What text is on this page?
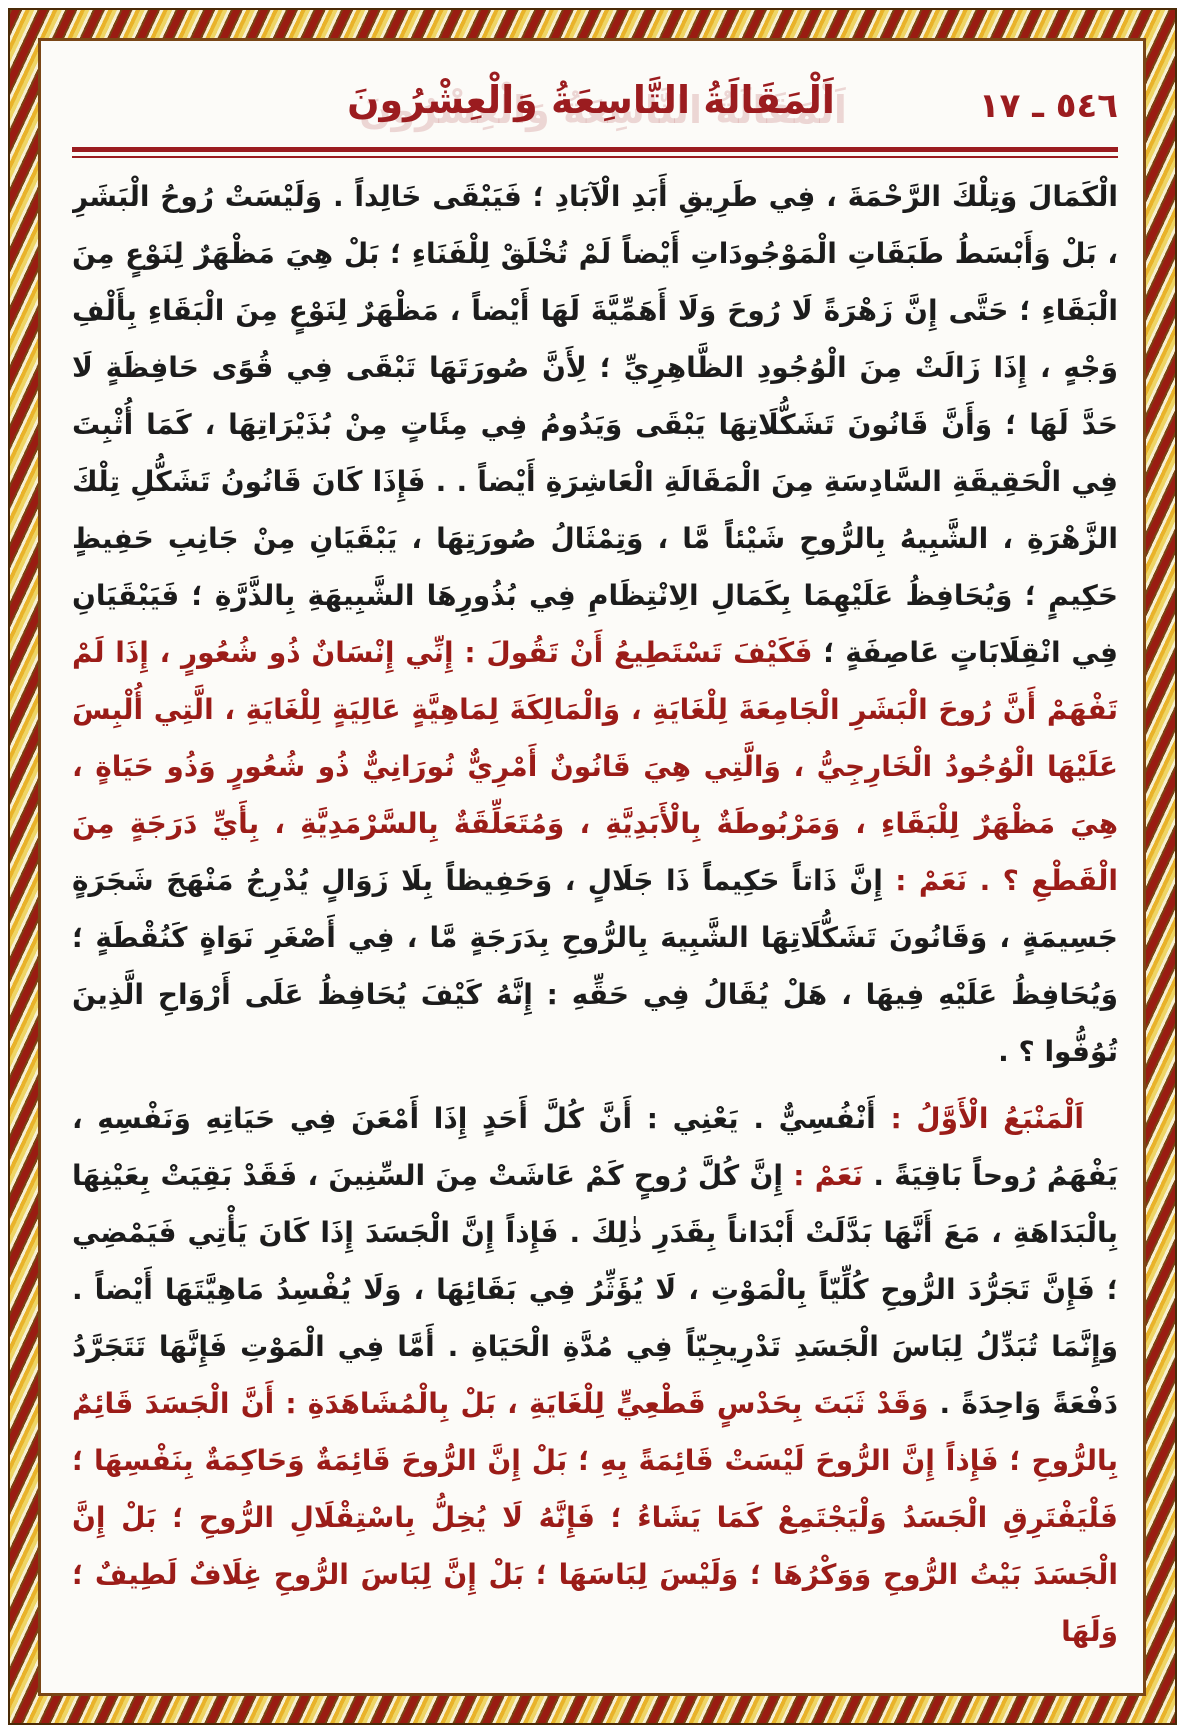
٥٤٦ ـ ١٧
اَلْمَقَالَةُ التَّاسِعَةُ وَالْعِشْرُونَ

الْكَمَالَ وَتِلْكَ الرَّحْمَةَ ، فِي طَرِيقِ أَبَدِ الْآبَادِ ؛ فَيَبْقَى خَالِداً . وَلَيْسَتْ رُوحُ الْبَشَرِ ، بَلْ وَأَبْسَطُ طَبَقَاتِ الْمَوْجُودَاتِ أَيْضاً لَمْ تُخْلَقْ لِلْفَنَاءِ ؛ بَلْ هِيَ مَظْهَرٌ لِنَوْعٍ مِنَ الْبَقَاءِ ؛ حَتَّى إِنَّ زَهْرَةً لَا رُوحَ وَلَا أَهَمِّيَّةَ لَهَا أَيْضاً ، مَظْهَرٌ لِنَوْعٍ مِنَ الْبَقَاءِ بِأَلْفِ وَجْهٍ ، إِذَا زَالَتْ مِنَ الْوُجُودِ الظَّاهِرِيِّ ؛ لِأَنَّ صُورَتَهَا تَبْقَى فِي قُوًى حَافِظَةٍ لَا حَدَّ لَهَا ؛ وَأَنَّ قَانُونَ تَشَكُّلَاتِهَا يَبْقَى وَيَدُومُ فِي مِئَاتٍ مِنْ بُذَيْرَاتِهَا ، كَمَا أُثْبِتَ فِي الْحَقِيقَةِ السَّادِسَةِ مِنَ الْمَقَالَةِ الْعَاشِرَةِ أَيْضاً . . فَإِذَا كَانَ قَانُونُ تَشَكُّلِ تِلْكَ الزَّهْرَةِ ، الشَّبِيهُ بِالرُّوحِ شَيْئاً مَّا ، وَتِمْثَالُ صُورَتِهَا ، يَبْقَيَانِ مِنْ جَانِبِ حَفِيظٍ حَكِيمٍ ؛ وَيُحَافِظُ عَلَيْهِمَا بِكَمَالِ الِانْتِظَامِ فِي بُذُورِهَا الشَّبِيهَةِ بِالذَّرَّةِ ؛ فَيَبْقَيَانِ فِي انْقِلَابَاتٍ عَاصِفَةٍ ؛ فَكَيْفَ تَسْتَطِيعُ أَنْ تَقُولَ : إِنِّي إِنْسَانٌ ذُو شُعُورٍ ، إِذَا لَمْ تَفْهَمْ أَنَّ رُوحَ الْبَشَرِ الْجَامِعَةَ لِلْغَايَةِ ، وَالْمَالِكَةَ لِمَاهِيَّةٍ عَالِيَةٍ لِلْغَايَةِ ، الَّتِي أُلْبِسَ عَلَيْهَا الْوُجُودُ الْخَارِجِيُّ ، وَالَّتِي هِيَ قَانُونٌ أَمْرِيٌّ نُورَانِيٌّ ذُو شُعُورٍ وَذُو حَيَاةٍ ، هِيَ مَظْهَرٌ لِلْبَقَاءِ ، وَمَرْبُوطَةٌ بِالْأَبَدِيَّةِ ، وَمُتَعَلِّقَةٌ بِالسَّرْمَدِيَّةِ ، بِأَيِّ دَرَجَةٍ مِنَ الْقَطْعِ ؟ . نَعَمْ : إِنَّ ذَاتاً حَكِيماً ذَا جَلَالٍ ، وَحَفِيظاً بِلَا زَوَالٍ يُدْرِجُ مَنْهَجَ شَجَرَةٍ جَسِيمَةٍ ، وَقَانُونَ تَشَكُّلَاتِهَا الشَّبِيهَ بِالرُّوحِ بِدَرَجَةٍ مَّا ، فِي أَصْغَرِ نَوَاةٍ كَنُقْطَةٍ ؛ وَيُحَافِظُ عَلَيْهِ فِيهَا ، هَلْ يُقَالُ فِي حَقِّهِ : إِنَّهُ كَيْفَ يُحَافِظُ عَلَى أَرْوَاحِ الَّذِينَ تُوُفُّوا ؟ .

اَلْمَنْبَعُ الْأَوَّلُ : أَنْفُسِيٌّ . يَعْنِي : أَنَّ كُلَّ أَحَدٍ إِذَا أَمْعَنَ فِي حَيَاتِهِ وَنَفْسِهِ ، يَفْهَمُ رُوحاً بَاقِيَةً . نَعَمْ : إِنَّ كُلَّ رُوحٍ كَمْ عَاشَتْ مِنَ السِّنِينَ ، فَقَدْ بَقِيَتْ بِعَيْنِهَا بِالْبَدَاهَةِ ، مَعَ أَنَّهَا بَدَّلَتْ أَبْدَاناً بِقَدَرِ ذٰلِكَ . فَإِذاً إِنَّ الْجَسَدَ إِذَا كَانَ يَأْتِي فَيَمْضِي ؛ فَإِنَّ تَجَرُّدَ الرُّوحِ كُلِّيّاً بِالْمَوْتِ ، لَا يُؤَثِّرُ فِي بَقَائِهَا ، وَلَا يُفْسِدُ مَاهِيَّتَهَا أَيْضاً . وَإِنَّمَا تُبَدِّلُ لِبَاسَ الْجَسَدِ تَدْرِيجِيّاً فِي مُدَّةِ الْحَيَاةِ . أَمَّا فِي الْمَوْتِ فَإِنَّهَا تَتَجَرَّدُ دَفْعَةً وَاحِدَةً . وَقَدْ ثَبَتَ بِحَدْسٍ قَطْعِيٍّ لِلْغَايَةِ ، بَلْ بِالْمُشَاهَدَةِ : أَنَّ الْجَسَدَ قَائِمٌ بِالرُّوحِ ؛ فَإِذاً إِنَّ الرُّوحَ لَيْسَتْ قَائِمَةً بِهِ ؛ بَلْ إِنَّ الرُّوحَ قَائِمَةٌ وَحَاكِمَةٌ بِنَفْسِهَا ؛ فَلْيَفْتَرِقِ الْجَسَدُ وَلْيَجْتَمِعْ كَمَا يَشَاءُ ؛ فَإِنَّهُ لَا يُخِلُّ بِاسْتِقْلَالِ الرُّوحِ ؛ بَلْ إِنَّ الْجَسَدَ بَيْتُ الرُّوحِ وَوَكْرُهَا ؛ وَلَيْسَ لِبَاسَهَا ؛ بَلْ إِنَّ لِبَاسَ الرُّوحِ غِلَافٌ لَطِيفٌ ؛ وَلَهَا
